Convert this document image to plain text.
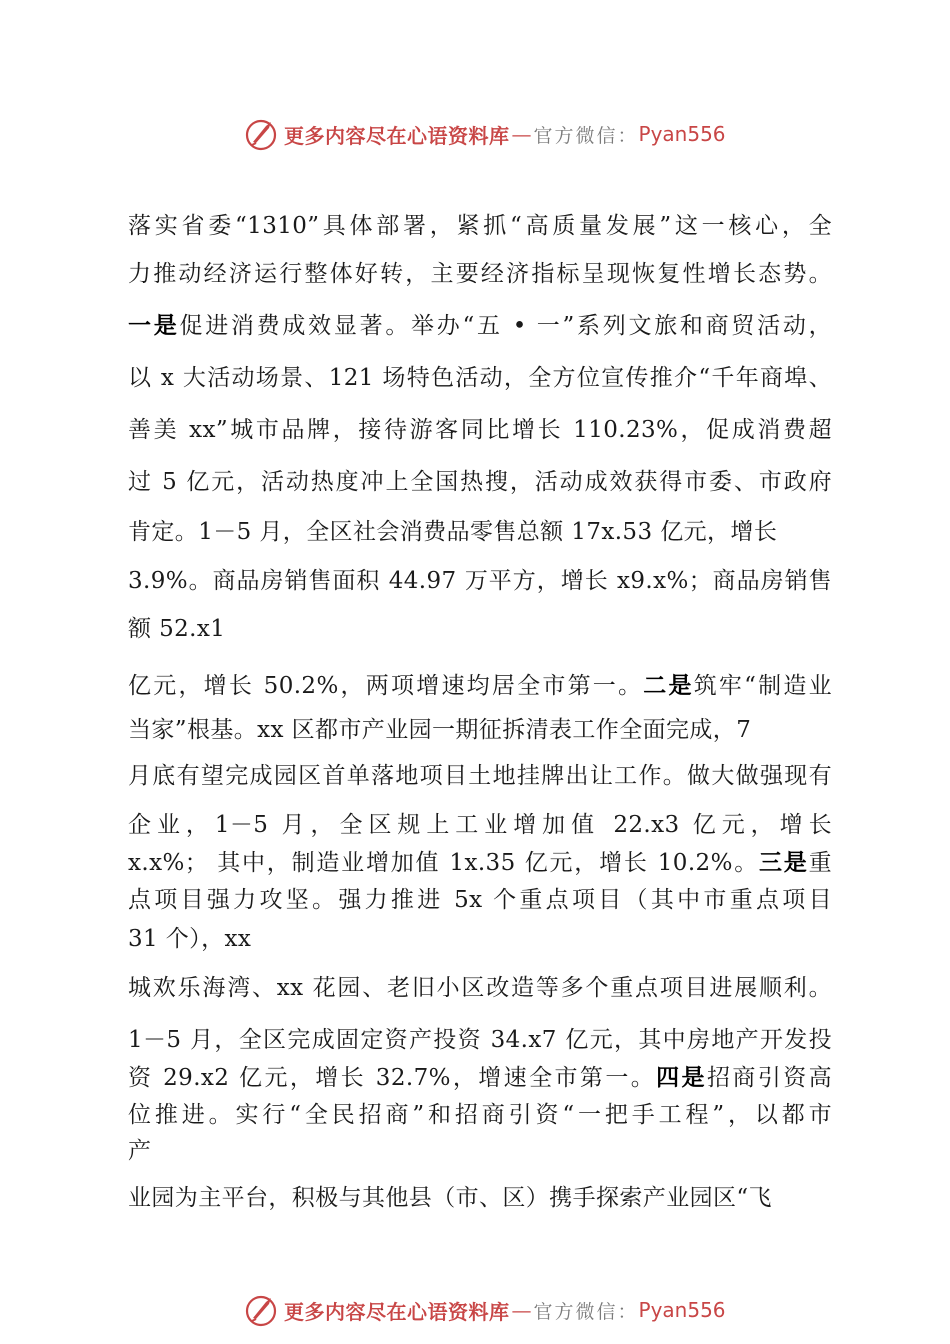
更多内容尽在心语资料库 — 官方微信： Pyan556
落实省委“1310”具体部署，紧抓“高质量发展”这一核心，全
力推动经济运行整体好转，主要经济指标呈现恢复性增长态势。
一是促进消费成效显著。举办“五 • 一”系列文旅和商贸活动，
以 x 大活动场景、121 场特色活动，全方位宣传推介“千年商埠、
善美 xx”城市品牌，接待游客同比增长 110.23%，促成消费超
过 5 亿元，活动热度冲上全国热搜，活动成效获得市委、市政府
肯定。1－5 月，全区社会消费品零售总额 17x.53 亿元，增长
3.9%。商品房销售面积 44.97 万平方，增长 x9.x%；商品房销售
额 52.x1
亿元，增长 50.2%，两项增速均居全市第一。二是筑牢“制造业
当家”根基。xx 区都市产业园一期征拆清表工作全面完成，7
月底有望完成园区首单落地项目土地挂牌出让工作。做大做强现有
企业，1－5 月，全区规上工业增加值 22.x3 亿元，增长
x.x%； 其中，制造业增加值 1x.35 亿元，增长 10.2%。三是重
点项目强力攻坚。强力推进 5x 个重点项目（其中市重点项目
31 个），xx
城欢乐海湾、xx 花园、老旧小区改造等多个重点项目进展顺利。
1－5 月，全区完成固定资产投资 34.x7 亿元，其中房地产开发投
资 29.x2 亿元，增长 32.7%，增速全市第一。四是招商引资高
位推进。实行“全民招商”和招商引资“一把手工程”，以都市
产
业园为主平台，积极与其他县（市、区）携手探索产业园区“飞
更多内容尽在心语资料库 — 官方微信： Pyan556
